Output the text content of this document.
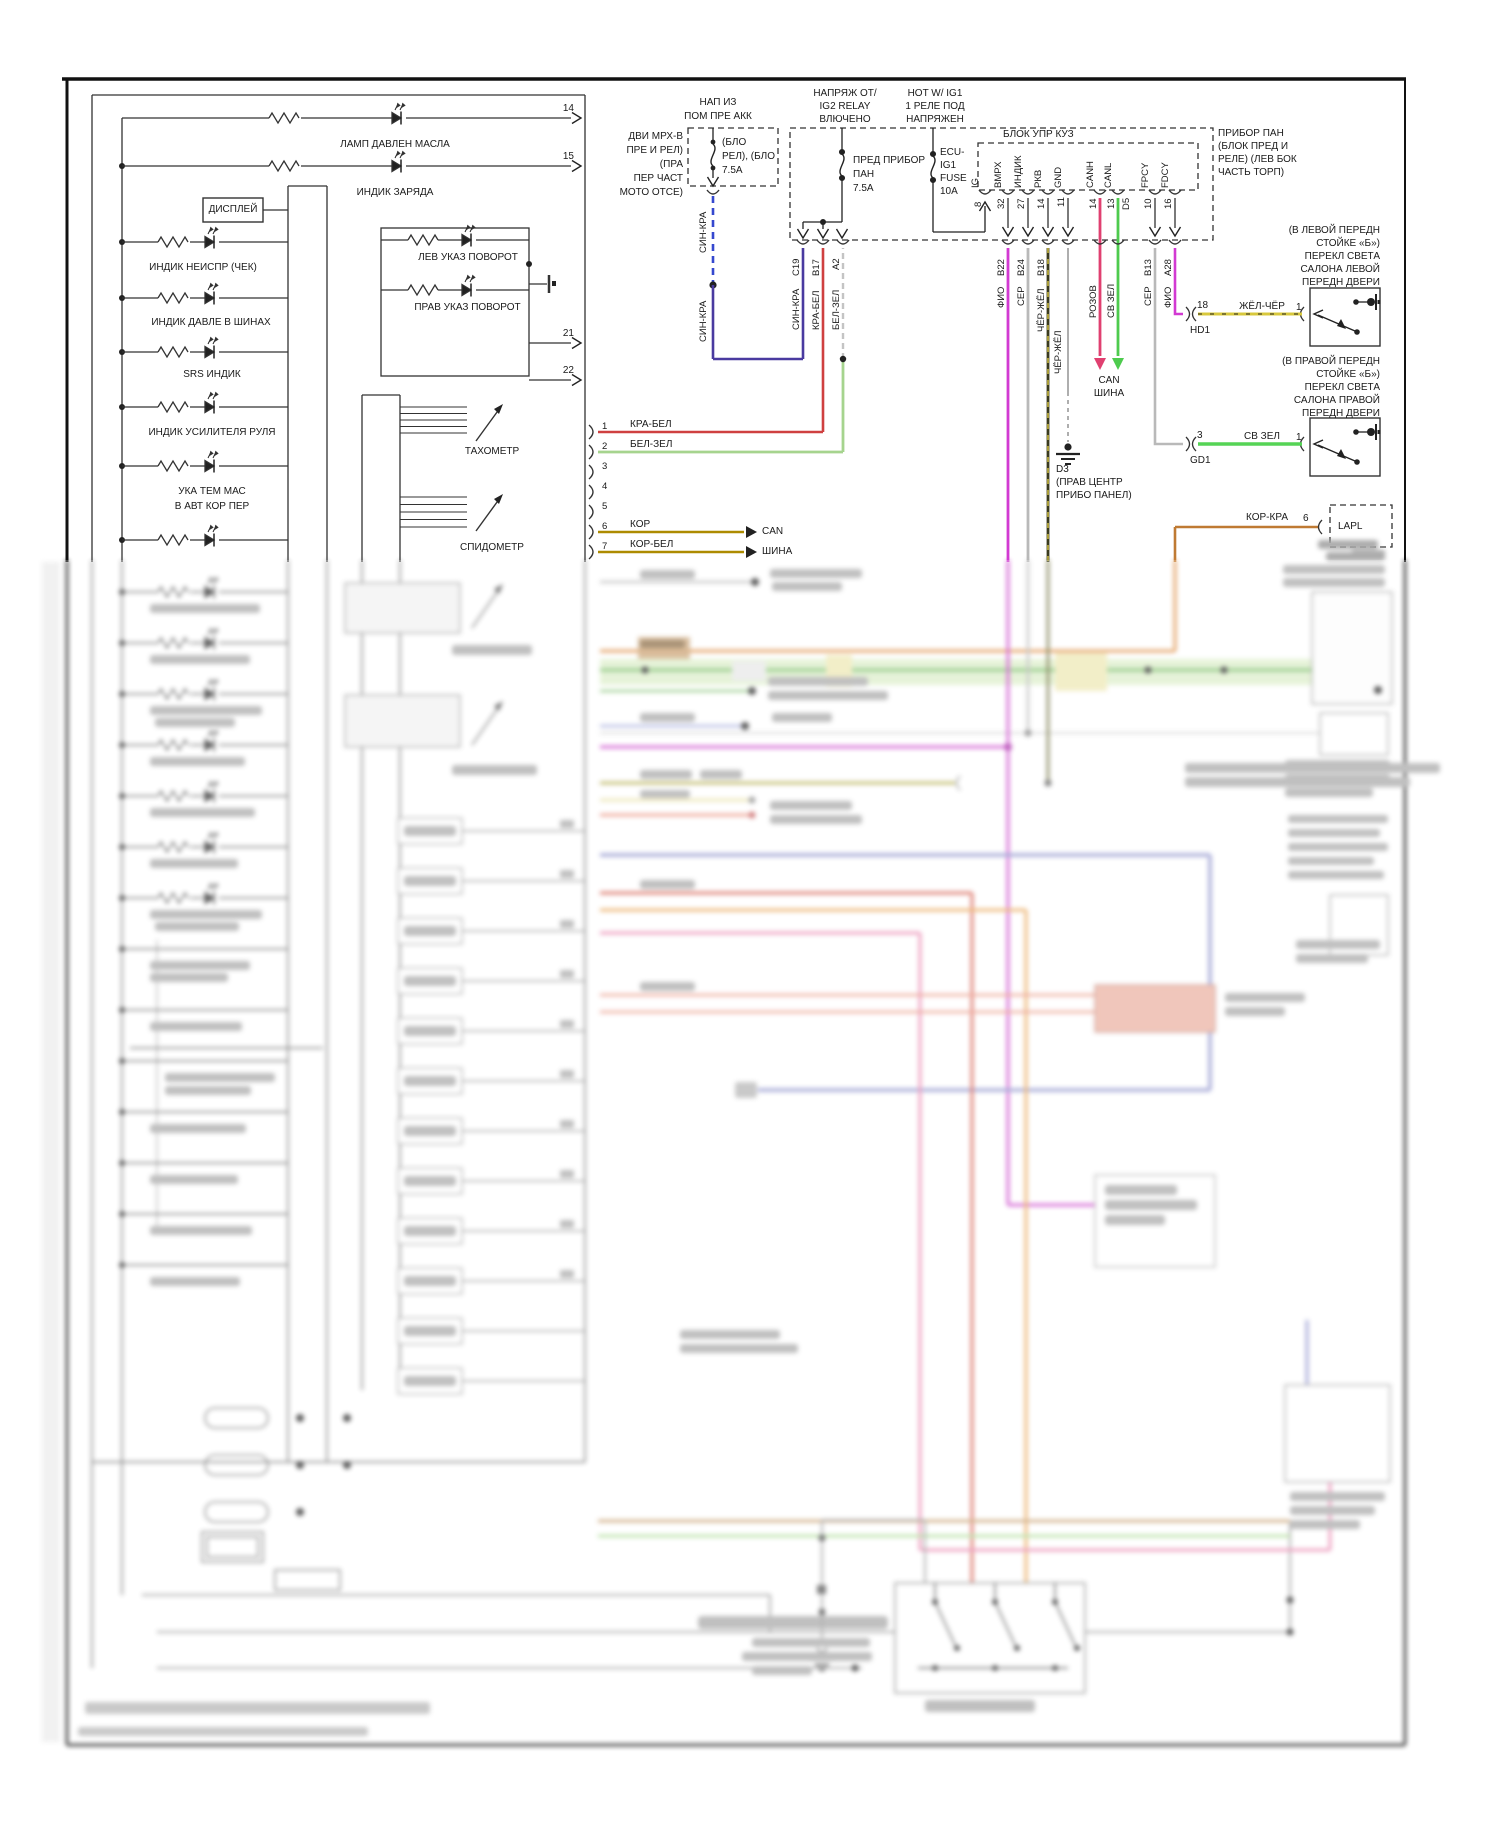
ЛАМП ДАВЛЕН МАСЛА
ИНДИК ЗАРЯДА
ИНДИК НЕИСПР (ЧЕК)
ИНДИК ДАВЛЕ В ШИНАХ
SRS ИНДИК
ИНДИК УСИЛИТЕЛЯ РУЛЯ
УКА ТЕМ МАС
В АВТ КОР ПЕР
ДИСПЛЕЙ
ЛЕВ УКАЗ ПОВОРОТ
ПРАВ УКАЗ ПОВОРОТ
ТАХОМЕТР
СПИДОМЕТР
14
15
21
22
1
2
3
4
5
6
7
КРА-БЕЛ
БЕЛ-ЗЕЛ
КОР
КОР-БЕЛ
CAN
ШИНА
НАП ИЗ
ПОМ ПРЕ АКК
ДВИ МРХ-В
ПРЕ И РЕЛ)
(ПРА
ПЕР ЧАСТ
МОТО ОТСЕ)
(БЛО
РЕЛ), (БЛО
7.5А
НАПРЯЖ ОТ/
IG2 RELAY
ВЛЮЧЕНО
ПРЕД ПРИБОР
ПАН
7.5А
HOT W/ IG1
1 РЕЛЕ ПОД
НАПРЯЖЕН
ECU-
IG1
FUSE
10А
БЛОК УПР КУЗ
IG ВМРХ ИНДИК РКВ GND CANH CANL	FPCY FDCY
8 32 27 14 11 14 13 D5 10 16
ПРИБОР ПАН
(БЛОК ПРЕД И
РЕЛЕ) (ЛЕВ БОК
ЧАСТЬ ТОРП)
C19
СИН-КРА
B17
КРА-БЕЛ
A2
БЕЛ-ЗЕЛ
СИН-КРА
СИН-КРА
B22
ФИО
B24
СЕР
B18
ЧЁР-ЖЁЛ
ЧЁР-ЖЁЛ
РОЗОВ СВ ЗЕЛ
B13
СЕР
A28
ФИО
CAN
ШИНА
D3
(ПРАВ ЦЕНТР
ПРИБО ПАНЕЛ)
(В ЛЕВОЙ ПЕРЕДН
СТОЙКЕ «Б»)
ПЕРЕКЛ СВЕТА
САЛОНА ЛЕВОЙ
ПЕРЕДН ДВЕРИ
(В ПРАВОЙ ПЕРЕДН
СТОЙКЕ «Б»)
ПЕРЕКЛ СВЕТА
САЛОНА ПРАВОЙ
ПЕРЕДН ДВЕРИ
18
HD1
ЖЁЛ-ЧЁР	1
3
GD1
СВ ЗЕЛ	1
КОР-КРА 6
LAPL
